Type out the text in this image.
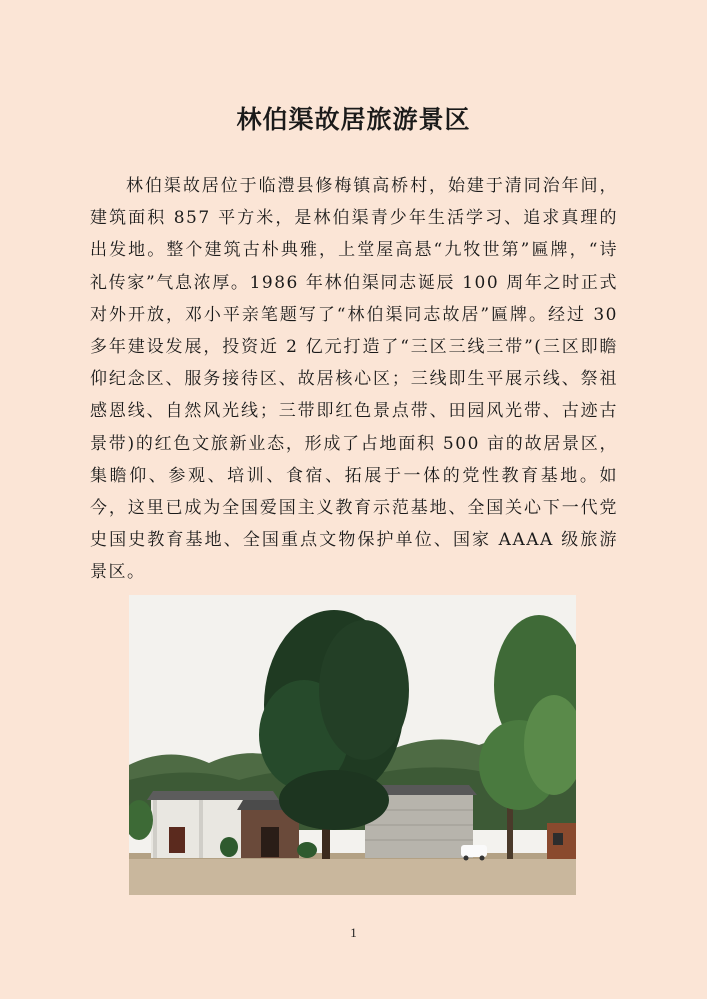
林伯渠故居旅游景区

林伯渠故居位于临澧县修梅镇高桥村，始建于清同治年间，建筑面积 857 平方米，是林伯渠青少年生活学习、追求真理的出发地。整个建筑古朴典雅，上堂屋高悬“九牧世第”匾牌，“诗礼传家”气息浓厚。1986 年林伯渠同志诞辰 100 周年之时正式对外开放，邓小平亲笔题写了“林伯渠同志故居”匾牌。经过 30 多年建设发展，投资近 2 亿元打造了“三区三线三带”(三区即瞻仰纪念区、服务接待区、故居核心区；三线即生平展示线、祭祖感恩线、自然风光线；三带即红色景点带、田园风光带、古迹古景带)的红色文旅新业态，形成了占地面积 500 亩的故居景区，集瞻仰、参观、培训、食宿、拓展于一体的党性教育基地。如今，这里已成为全国爱国主义教育示范基地、全国关心下一代党史国史教育基地、全国重点文物保护单位、国家 AAAA 级旅游景区。

1
